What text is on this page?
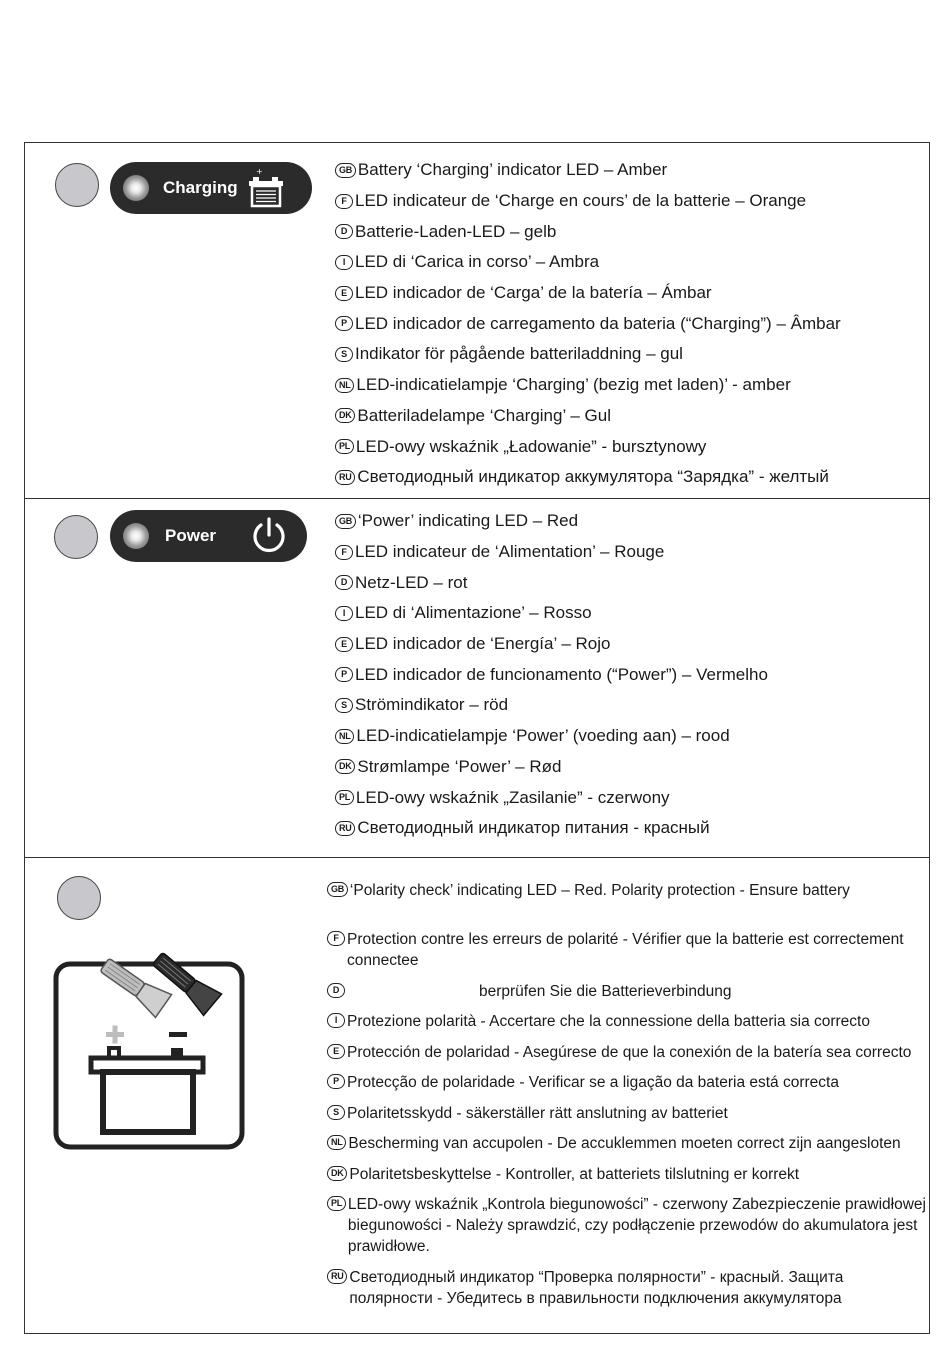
Charging
+	GB Battery ‘Charging’ indicator LED – Amber
F LED indicateur de ‘Charge en cours’ de la batterie – Orange
D Batterie-Laden-LED – gelb
I LED di ‘Carica in corso’ – Ambra
E LED indicador de ‘Carga’ de la batería – Ámbar
P LED indicador de carregamento da bateria (“Charging”) – Âmbar
S Indikator för pågående batteriladdning – gul
NL LED-indicatielampje ‘Charging’ (bezig met laden)’ - amber
DK Batteriladelampe ‘Charging’ – Gul
PL LED-owy wskaźnik „Ładowanie” - bursztynowy
RU Светодиодный индикатор аккумулятора “Зарядка” - желтый
Power
GB ‘Power’ indicating LED – Red
F LED indicateur de ‘Alimentation’ – Rouge
D Netz-LED – rot
I LED di ‘Alimentazione’ – Rosso
E LED indicador de ‘Energía’ – Rojo
P LED indicador de funcionamento (“Power”) – Vermelho
S Strömindikator – röd
NL LED-indicatielampje ‘Power’ (voeding aan) – rood
DK Strømlampe ‘Power’ – Rød
PL LED-owy wskaźnik „Zasilanie” - czerwony
RU Светодиодный индикатор питания - красный
GB ‘Polarity check’ indicating LED – Red. Polarity protection - Ensure battery
F Protection contre les erreurs de polarité - Vérifier que la batterie est correctement connectee
D	berprüfen Sie die Batterieverbindung
I Protezione polarità - Accertare che la connessione della batteria sia correcto
E Protección de polaridad - Asegúrese de que la conexión de la batería sea correcto
P Protecção de polaridade - Verificar se a ligação da bateria está correcta
S Polaritetsskydd - säkerställer rätt anslutning av batteriet
NL Bescherming van accupolen - De accuklemmen moeten correct zijn aangesloten
DK Polaritetsbeskyttelse - Kontroller, at batteriets tilslutning er korrekt
PL LED-owy wskaźnik „Kontrola biegunowości” - czerwony Zabezpieczenie prawidłowej biegunowości - Należy sprawdzić, czy podłączenie przewodów do akumulatora jest prawidłowe.
RU Светодиодный индикатор “Проверка полярности” - красный. Защита полярности - Убедитесь в правильности подключения аккумулятора
